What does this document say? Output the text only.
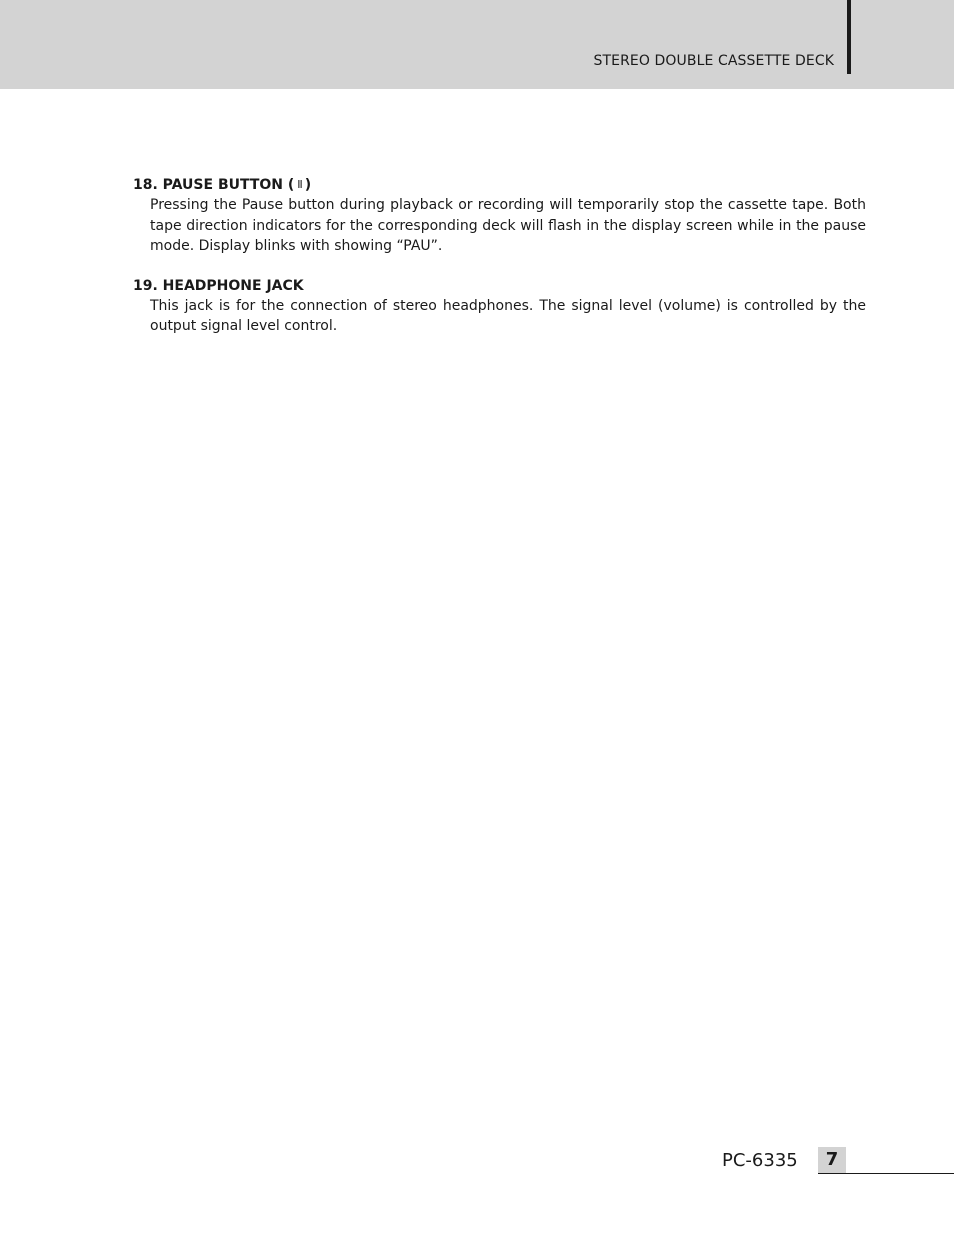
STEREO DOUBLE CASSETTE DECK
18. PAUSE BUTTON ( II )
Pressing the Pause button during playback or recording will temporarily stop the cassette tape. Both tape direction indicators for the corresponding deck will flash in the display screen while in the pause mode. Display blinks with showing “PAU”.
19. HEADPHONE JACK
This jack is for the connection of stereo headphones. The signal level (volume) is controlled by the output signal level control.
PC-6335	7
